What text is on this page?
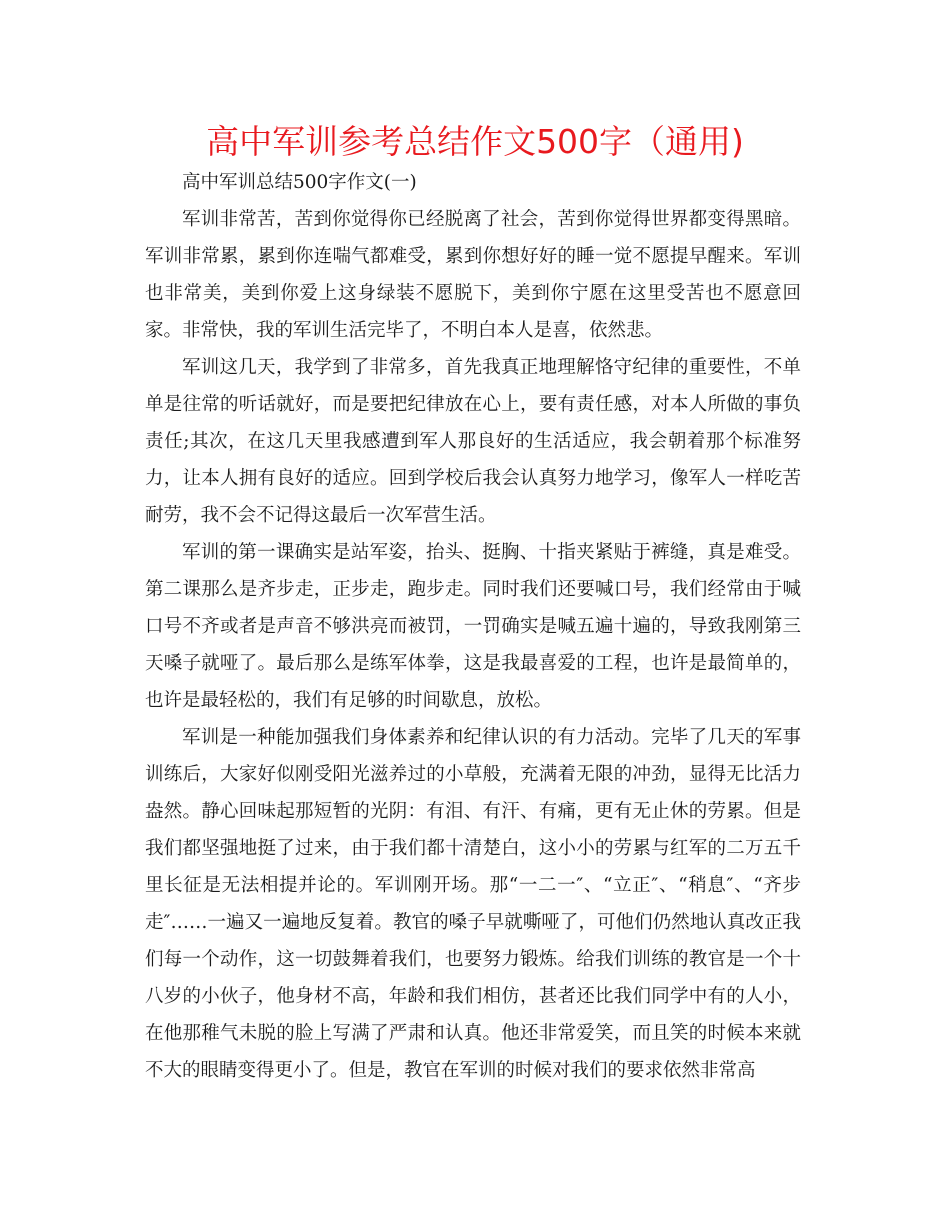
高中军训参考总结作文500字（通用)

高中军训总结500字作文(一)

军训非常苦，苦到你觉得你已经脱离了社会，苦到你觉得世界都变得黑暗。军训非常累，累到你连喘气都难受，累到你想好好的睡一觉不愿提早醒来。军训也非常美，美到你爱上这身绿装不愿脱下，美到你宁愿在这里受苦也不愿意回家。非常快，我的军训生活完毕了，不明白本人是喜，依然悲。

军训这几天，我学到了非常多，首先我真正地理解恪守纪律的重要性，不单单是往常的听话就好，而是要把纪律放在心上，要有责任感，对本人所做的事负责任;其次，在这几天里我感遭到军人那良好的生活适应，我会朝着那个标准努力，让本人拥有良好的适应。回到学校后我会认真努力地学习，像军人一样吃苦耐劳，我不会不记得这最后一次军营生活。

军训的第一课确实是站军姿，抬头、挺胸、十指夹紧贴于裤缝，真是难受。第二课那么是齐步走，正步走，跑步走。同时我们还要喊口号，我们经常由于喊口号不齐或者是声音不够洪亮而被罚，一罚确实是喊五遍十遍的，导致我刚第三天嗓子就哑了。最后那么是练军体拳，这是我最喜爱的工程，也许是最简单的，也许是最轻松的，我们有足够的时间歇息，放松。

军训是一种能加强我们身体素养和纪律认识的有力活动。完毕了几天的军事训练后，大家好似刚受阳光滋养过的小草般，充满着无限的冲劲，显得无比活力盎然。静心回味起那短暂的光阴：有泪、有汗、有痛，更有无止休的劳累。但是我们都坚强地挺了过来，由于我们都十清楚白，这小小的劳累与红军的二万五千里长征是无法相提并论的。军训刚开场。那“一二一″、“立正″、“稍息″、“齐步走″……一遍又一遍地反复着。教官的嗓子早就嘶哑了，可他们仍然地认真改正我们每一个动作，这一切鼓舞着我们，也要努力锻炼。给我们训练的教官是一个十八岁的小伙子，他身材不高，年龄和我们相仿，甚者还比我们同学中有的人小，在他那稚气未脱的脸上写满了严肃和认真。他还非常爱笑，而且笑的时候本来就不大的眼睛变得更小了。但是，教官在军训的时候对我们的要求依然非常高
